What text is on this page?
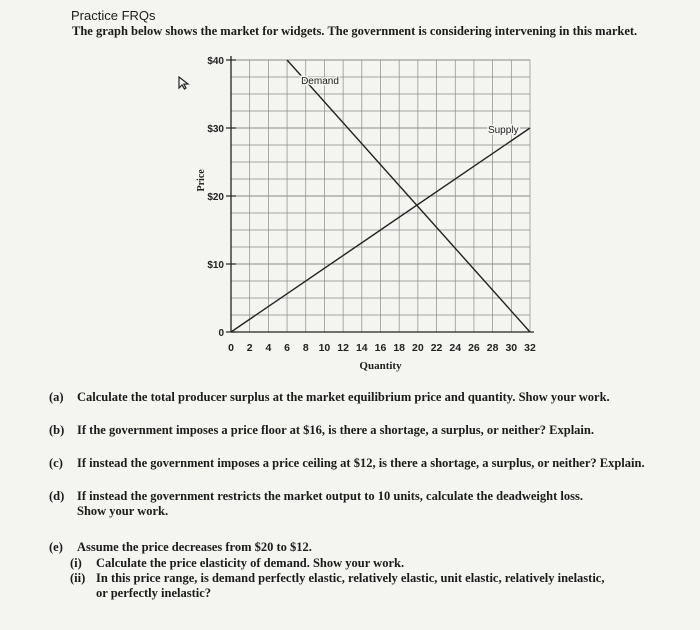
Practice FRQs
The graph below shows the market for widgets. The government is considering intervening in this market.
Demand
Supply
0
$10
$20
$30
$40
0 2 4 6 8 10 12 14 16 18 20 22 24 26 28 30 32
Quantity
Price
(a) Calculate the total producer surplus at the market equilibrium price and quantity. Show your work.
(b) If the government imposes a price floor at $16, is there a shortage, a surplus, or neither? Explain.
(c) If instead the government imposes a price ceiling at $12, is there a shortage, a surplus, or neither? Explain.
(d) If instead the government restricts the market output to 10 units, calculate the deadweight loss.
Show your work.
(e) Assume the price decreases from $20 to $12.
(i) Calculate the price elasticity of demand. Show your work.
(ii) In this price range, is demand perfectly elastic, relatively elastic, unit elastic, relatively inelastic,
or perfectly inelastic?
